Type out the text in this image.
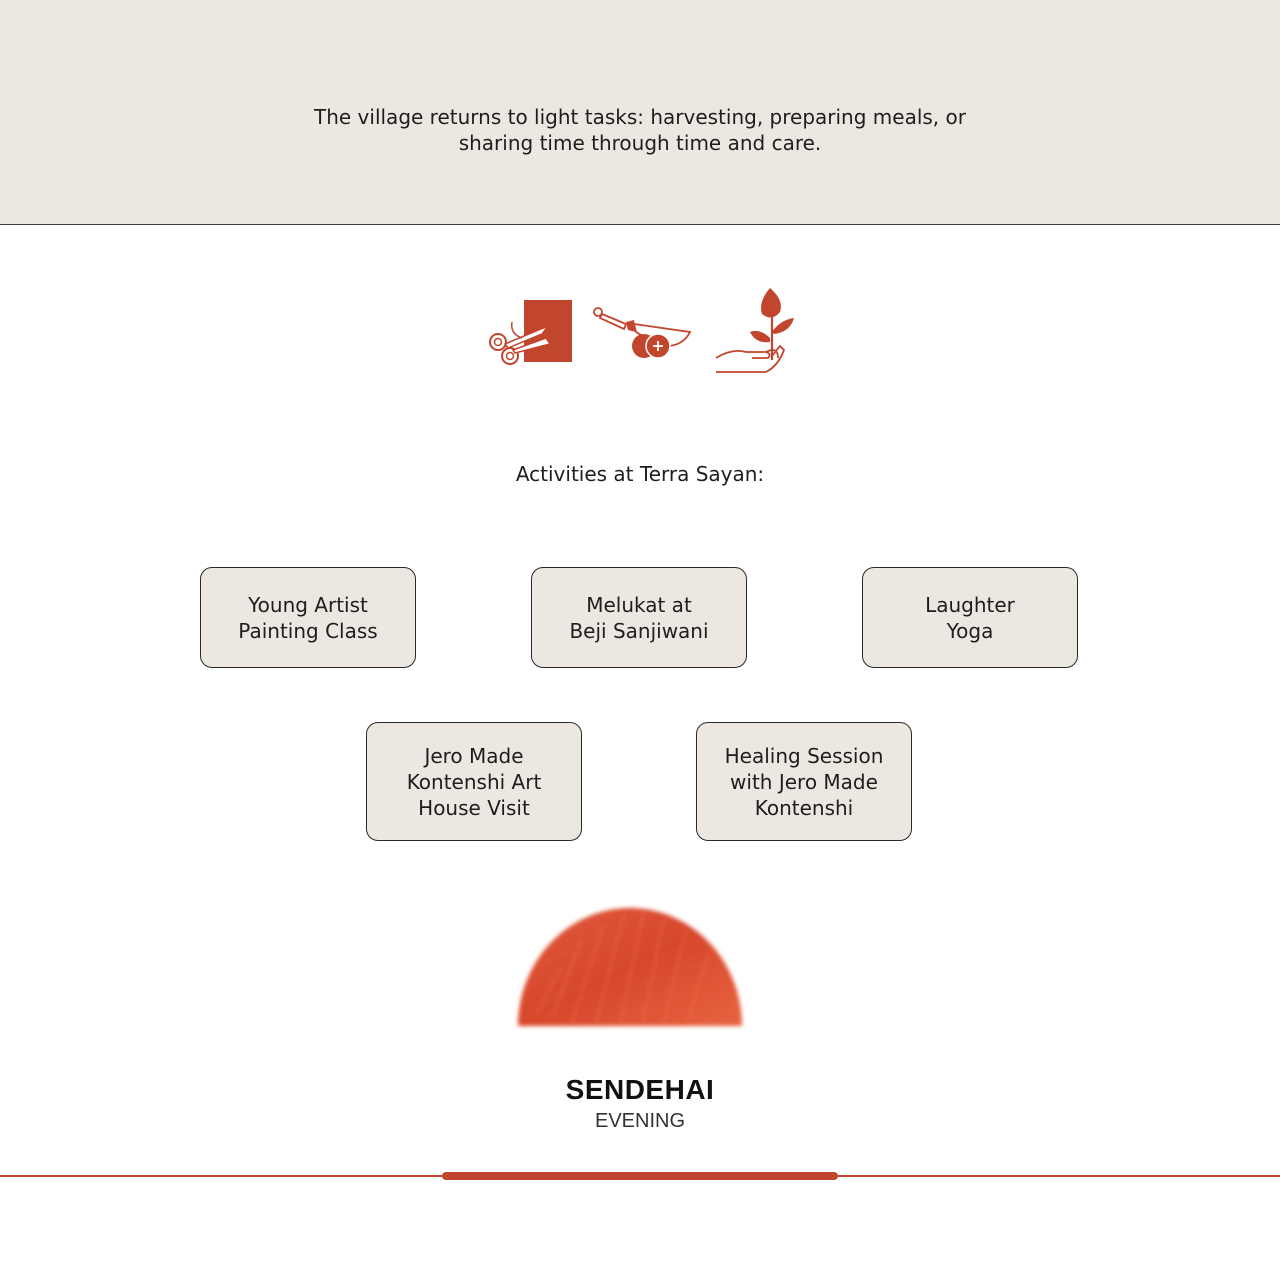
The village returns to light tasks: harvesting, preparing meals, or sharing time through time and care.

Activities at Terra Sayan:

Young Artist
Painting Class
Melukat at
Beji Sanjiwani
Laughter
Yoga
Jero Made
Kontenshi Art
House Visit
Healing Session
with Jero Made
Kontenshi

SENDEHAI

EVENING
